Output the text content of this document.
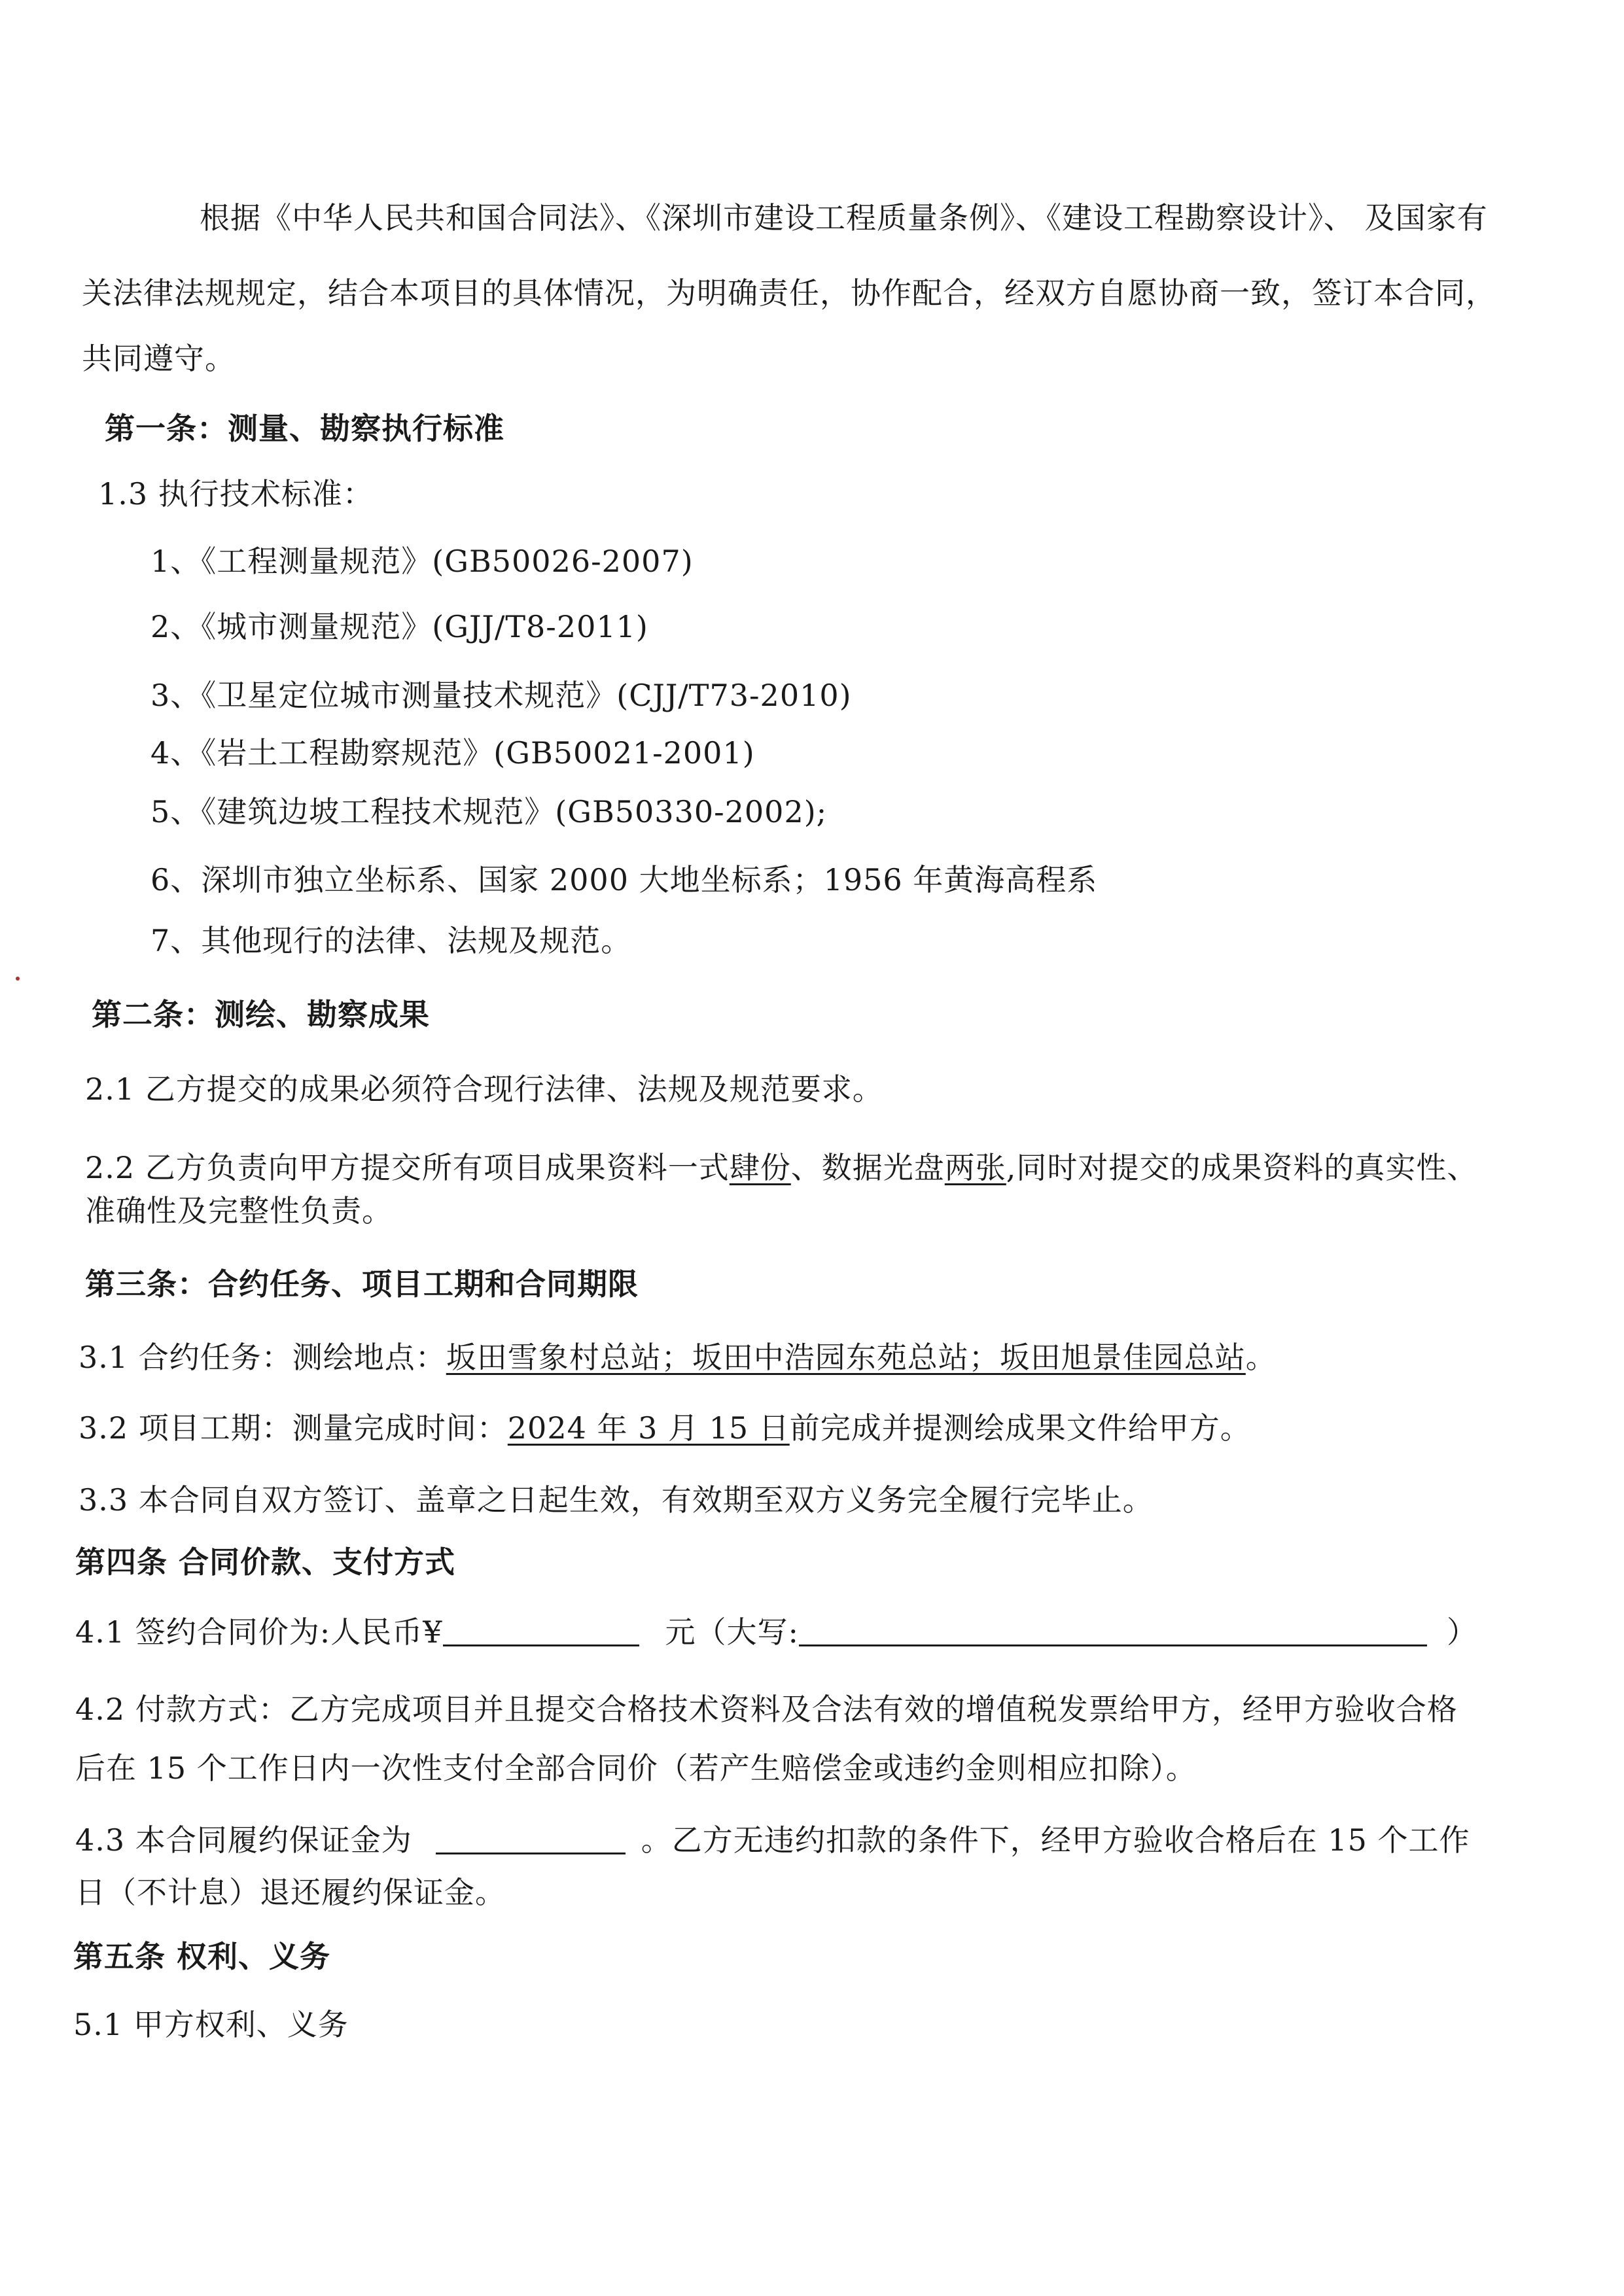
根据《中华人民共和国合同法》、《深圳市建设工程质量条例》、《建设工程勘察设计》、 及国家有
关法律法规规定，结合本项目的具体情况，为明确责任，协作配合，经双方自愿协商一致，签订本合同，
共同遵守。
第一条：测量、勘察执行标准
1.3 执行技术标准：
1、《工程测量规范》(GB50026-2007)
2、《城市测量规范》(GJJ/T8-2011)
3、《卫星定位城市测量技术规范》(CJJ/T73-2010)
4、《岩土工程勘察规范》(GB50021-2001)
5、《建筑边坡工程技术规范》(GB50330-2002);
6、深圳市独立坐标系、国家 2000 大地坐标系；1956 年黄海高程系
7、其他现行的法律、法规及规范。
第二条：测绘、勘察成果
2.1 乙方提交的成果必须符合现行法律、法规及规范要求。
2.2 乙方负责向甲方提交所有项目成果资料一式肆份、数据光盘两张,同时对提交的成果资料的真实性、
准确性及完整性负责。
第三条：合约任务、项目工期和合同期限
3.1 合约任务：测绘地点：坂田雪象村总站；坂田中浩园东苑总站；坂田旭景佳园总站。
3.2 项目工期：测量完成时间：2024 年 3 月 15 日前完成并提测绘成果文件给甲方。
3.3 本合同自双方签订、盖章之日起生效，有效期至双方义务完全履行完毕止。
第四条 合同价款、支付方式
4.1 签约合同价为:人民币¥	元（大写:	）
4.2 付款方式：乙方完成项目并且提交合格技术资料及合法有效的增值税发票给甲方，经甲方验收合格
后在 15 个工作日内一次性支付全部合同价（若产生赔偿金或违约金则相应扣除）。
4.3 本合同履约保证金为	。乙方无违约扣款的条件下，经甲方验收合格后在 15 个工作
日（不计息）退还履约保证金。
第五条 权利、义务
5.1 甲方权利、义务
